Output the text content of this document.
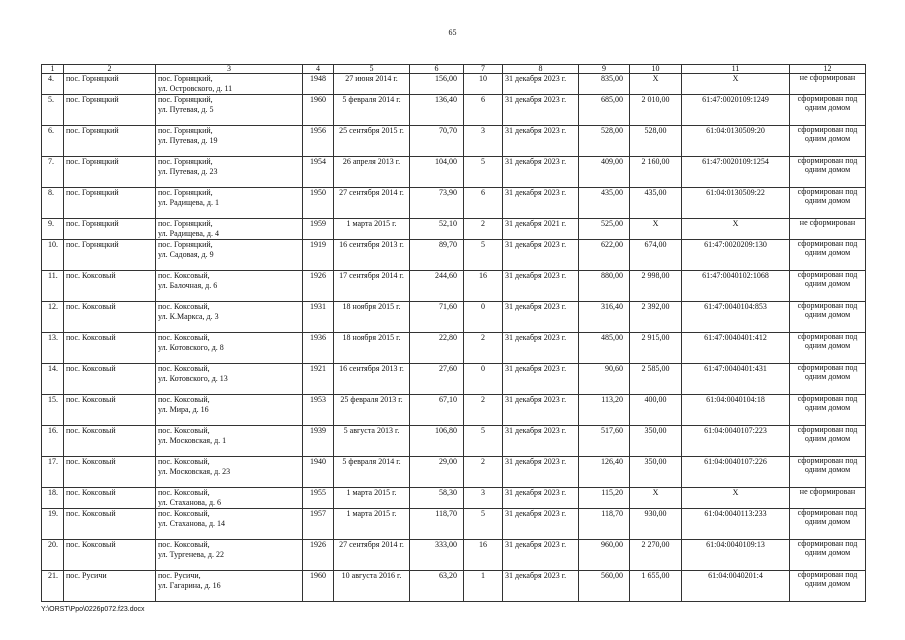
65
1	2	3	4	5	6	7	8	9	10	11	12

4.	пос. Горняцкий	пос. Горняцкий,
ул. Островского, д. 11	1948	27 июня 2014 г.	156,00	10	31 декабря 2023 г.	835,00	X	X	не сформирован

5.	пос. Горняцкий	пос. Горняцкий,
ул. Путевая, д. 5	1960	5 февраля 2014 г.	136,40	6	31 декабря 2023 г.	685,00	2 010,00	61:47:0020109:1249	сформирован под одним домом

6.	пос. Горняцкий	пос. Горняцкий,
ул. Путевая, д. 19	1956	25 сентября 2015 г.	70,70	3	31 декабря 2023 г.	528,00	528,00	61:04:0130509:20	сформирован под одним домом

7.	пос. Горняцкий	пос. Горняцкий,
ул. Путевая, д. 23	1954	26 апреля 2013 г.	104,00	5	31 декабря 2023 г.	409,00	2 160,00	61:47:0020109:1254	сформирован под одним домом

8.	пос. Горняцкий	пос. Горняцкий,
ул. Радищева, д. 1	1950	27 сентября 2014 г.	73,90	6	31 декабря 2023 г.	435,00	435,00	61:04:0130509:22	сформирован под одним домом

9.	пос. Горняцкий	пос. Горняцкий,
ул. Радищева, д. 4	1959	1 марта 2015 г.	52,10	2	31 декабря 2021 г.	525,00	X	X	не сформирован

10.	пос. Горняцкий	пос. Горняцкий,
ул. Садовая, д. 9	1919	16 сентября 2013 г.	89,70	5	31 декабря 2023 г.	622,00	674,00	61:47:0020209:130	сформирован под одним домом

11.	пос. Коксовый	пос. Коксовый,
ул. Балочная, д. 6	1926	17 сентября 2014 г.	244,60	16	31 декабря 2023 г.	880,00	2 998,00	61:47:0040102:1068	сформирован под одним домом

12.	пос. Коксовый	пос. Коксовый,
ул. К.Маркса, д. 3	1931	18 ноября 2015 г.	71,60	0	31 декабря 2023 г.	316,40	2 392,00	61:47:0040104:853	сформирован под одним домом

13.	пос. Коксовый	пос. Коксовый,
ул. Котовского, д. 8	1936	18 ноября 2015 г.	22,80	2	31 декабря 2023 г.	485,00	2 915,00	61:47:0040401:412	сформирован под одним домом

14.	пос. Коксовый	пос. Коксовый,
ул. Котовского, д. 13	1921	16 сентября 2013 г.	27,60	0	31 декабря 2023 г.	90,60	2 585,00	61:47:0040401:431	сформирован под одним домом

15.	пос. Коксовый	пос. Коксовый,
ул. Мира, д. 16	1953	25 февраля 2013 г.	67,10	2	31 декабря 2023 г.	113,20	400,00	61:04:0040104:18	сформирован под одним домом

16.	пос. Коксовый	пос. Коксовый,
ул. Московская, д. 1	1939	5 августа 2013 г.	106,80	5	31 декабря 2023 г.	517,60	350,00	61:04:0040107:223	сформирован под одним домом

17.	пос. Коксовый	пос. Коксовый,
ул. Московская, д. 23	1940	5 февраля 2014 г.	29,00	2	31 декабря 2023 г.	126,40	350,00	61:04:0040107:226	сформирован под одним домом

18.	пос. Коксовый	пос. Коксовый,
ул. Стаханова, д. 6	1955	1 марта 2015 г.	58,30	3	31 декабря 2023 г.	115,20	X	X	не сформирован

19.	пос. Коксовый	пос. Коксовый,
ул. Стаханова, д. 14	1957	1 марта 2015 г.	118,70	5	31 декабря 2023 г.	118,70	930,00	61:04:0040113:233	сформирован под одним домом

20.	пос. Коксовый	пос. Коксовый,
ул. Тургенева, д. 22	1926	27 сентября 2014 г.	333,00	16	31 декабря 2023 г.	960,00	2 270,00	61:04:0040109:13	сформирован под одним домом

21.	пос. Русичи	пос. Русичи,
ул. Гагарина, д. 16	1960	10 августа 2016 г.	63,20	1	31 декабря 2023 г.	560,00	1 655,00	61:04:0040201:4	сформирован под одним домом
Y:\ORST\Ppo\0226p072.f23.docx
